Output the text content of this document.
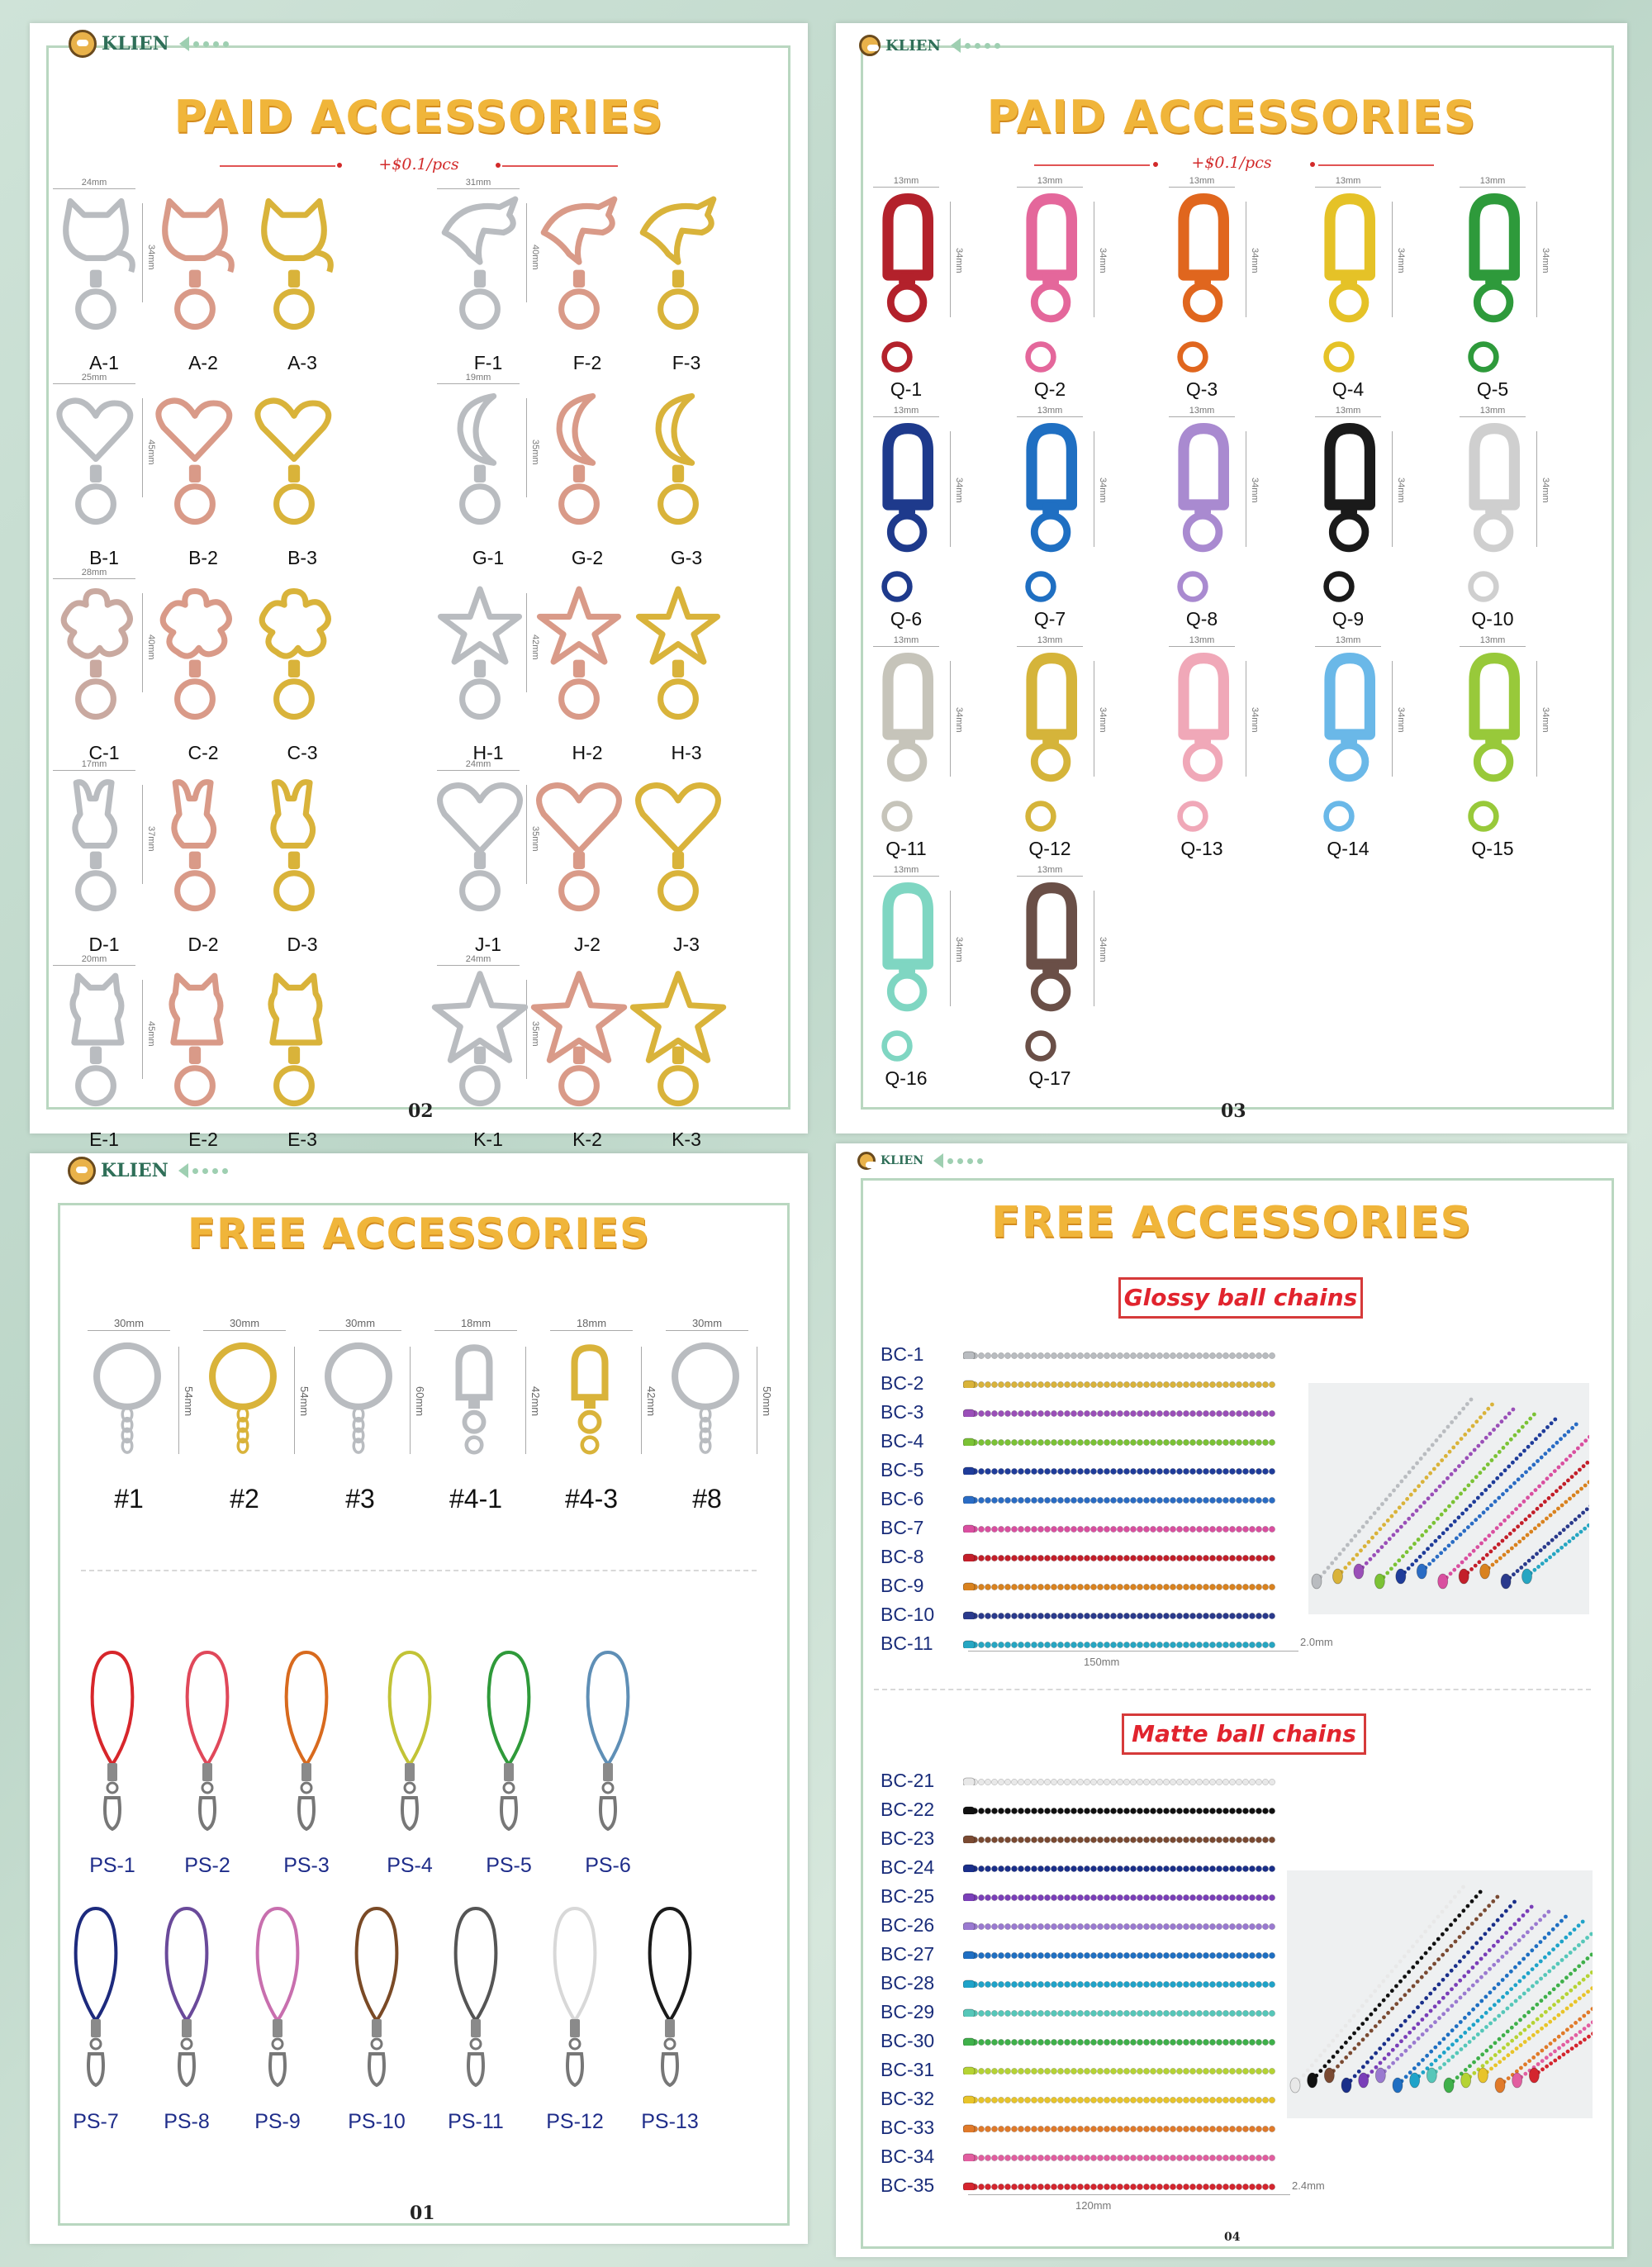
KLIEN
PAID ACCESSORIES
+$0.1/pcs
24mm
34mm
A-1	A-2	A-3
31mm
40mm
F-1	F-2	F-3
25mm
45mm
B-1	B-2	B-3
19mm
35mm
G-1	G-2	G-3
28mm
40mm
C-1	C-2	C-3
42mm
H-1	H-2	H-3
17mm
37mm
D-1	D-2	D-3
24mm
35mm
J-1	J-2	J-3
20mm
45mm
E-1	E-2	E-3
24mm
35mm
K-1	K-2	K-3
02
KLIEN
PAID ACCESSORIES
+$0.1/pcs
13mm
34mm
Q-1
13mm
34mm
Q-2
13mm
34mm
Q-3
13mm
34mm
Q-4
13mm
34mm
Q-5
13mm
34mm
Q-6
13mm
34mm
Q-7
13mm
34mm
Q-8
13mm
34mm
Q-9
13mm
34mm
Q-10
13mm
34mm
Q-11
13mm
34mm
Q-12
13mm
34mm
Q-13
13mm
34mm
Q-14
13mm
34mm
Q-15
13mm
34mm
Q-16
13mm
34mm
Q-17
03
KLIEN
FREE ACCESSORIES
30mm
54mm
#1
30mm
54mm
#2
30mm
60mm
#3
18mm
42mm
#4-1
18mm
42mm
#4-3
30mm
50mm
#8
PS-1	PS-2	PS-3	PS-4	PS-5	PS-6
PS-7	PS-8	PS-9	PS-10	PS-11	PS-12	PS-13
01
KLIEN
FREE ACCESSORIES
Glossy ball chains
BC-1
BC-2
BC-3
BC-4
BC-5
BC-6
BC-7
BC-8
BC-9
BC-10
BC-11	2.0mm
150mm
Matte ball chains
BC-21
BC-22
BC-23
BC-24
BC-25
BC-26
BC-27
BC-28
BC-29
BC-30
BC-31
BC-32
BC-33
BC-34
BC-35	2.4mm
120mm
04
